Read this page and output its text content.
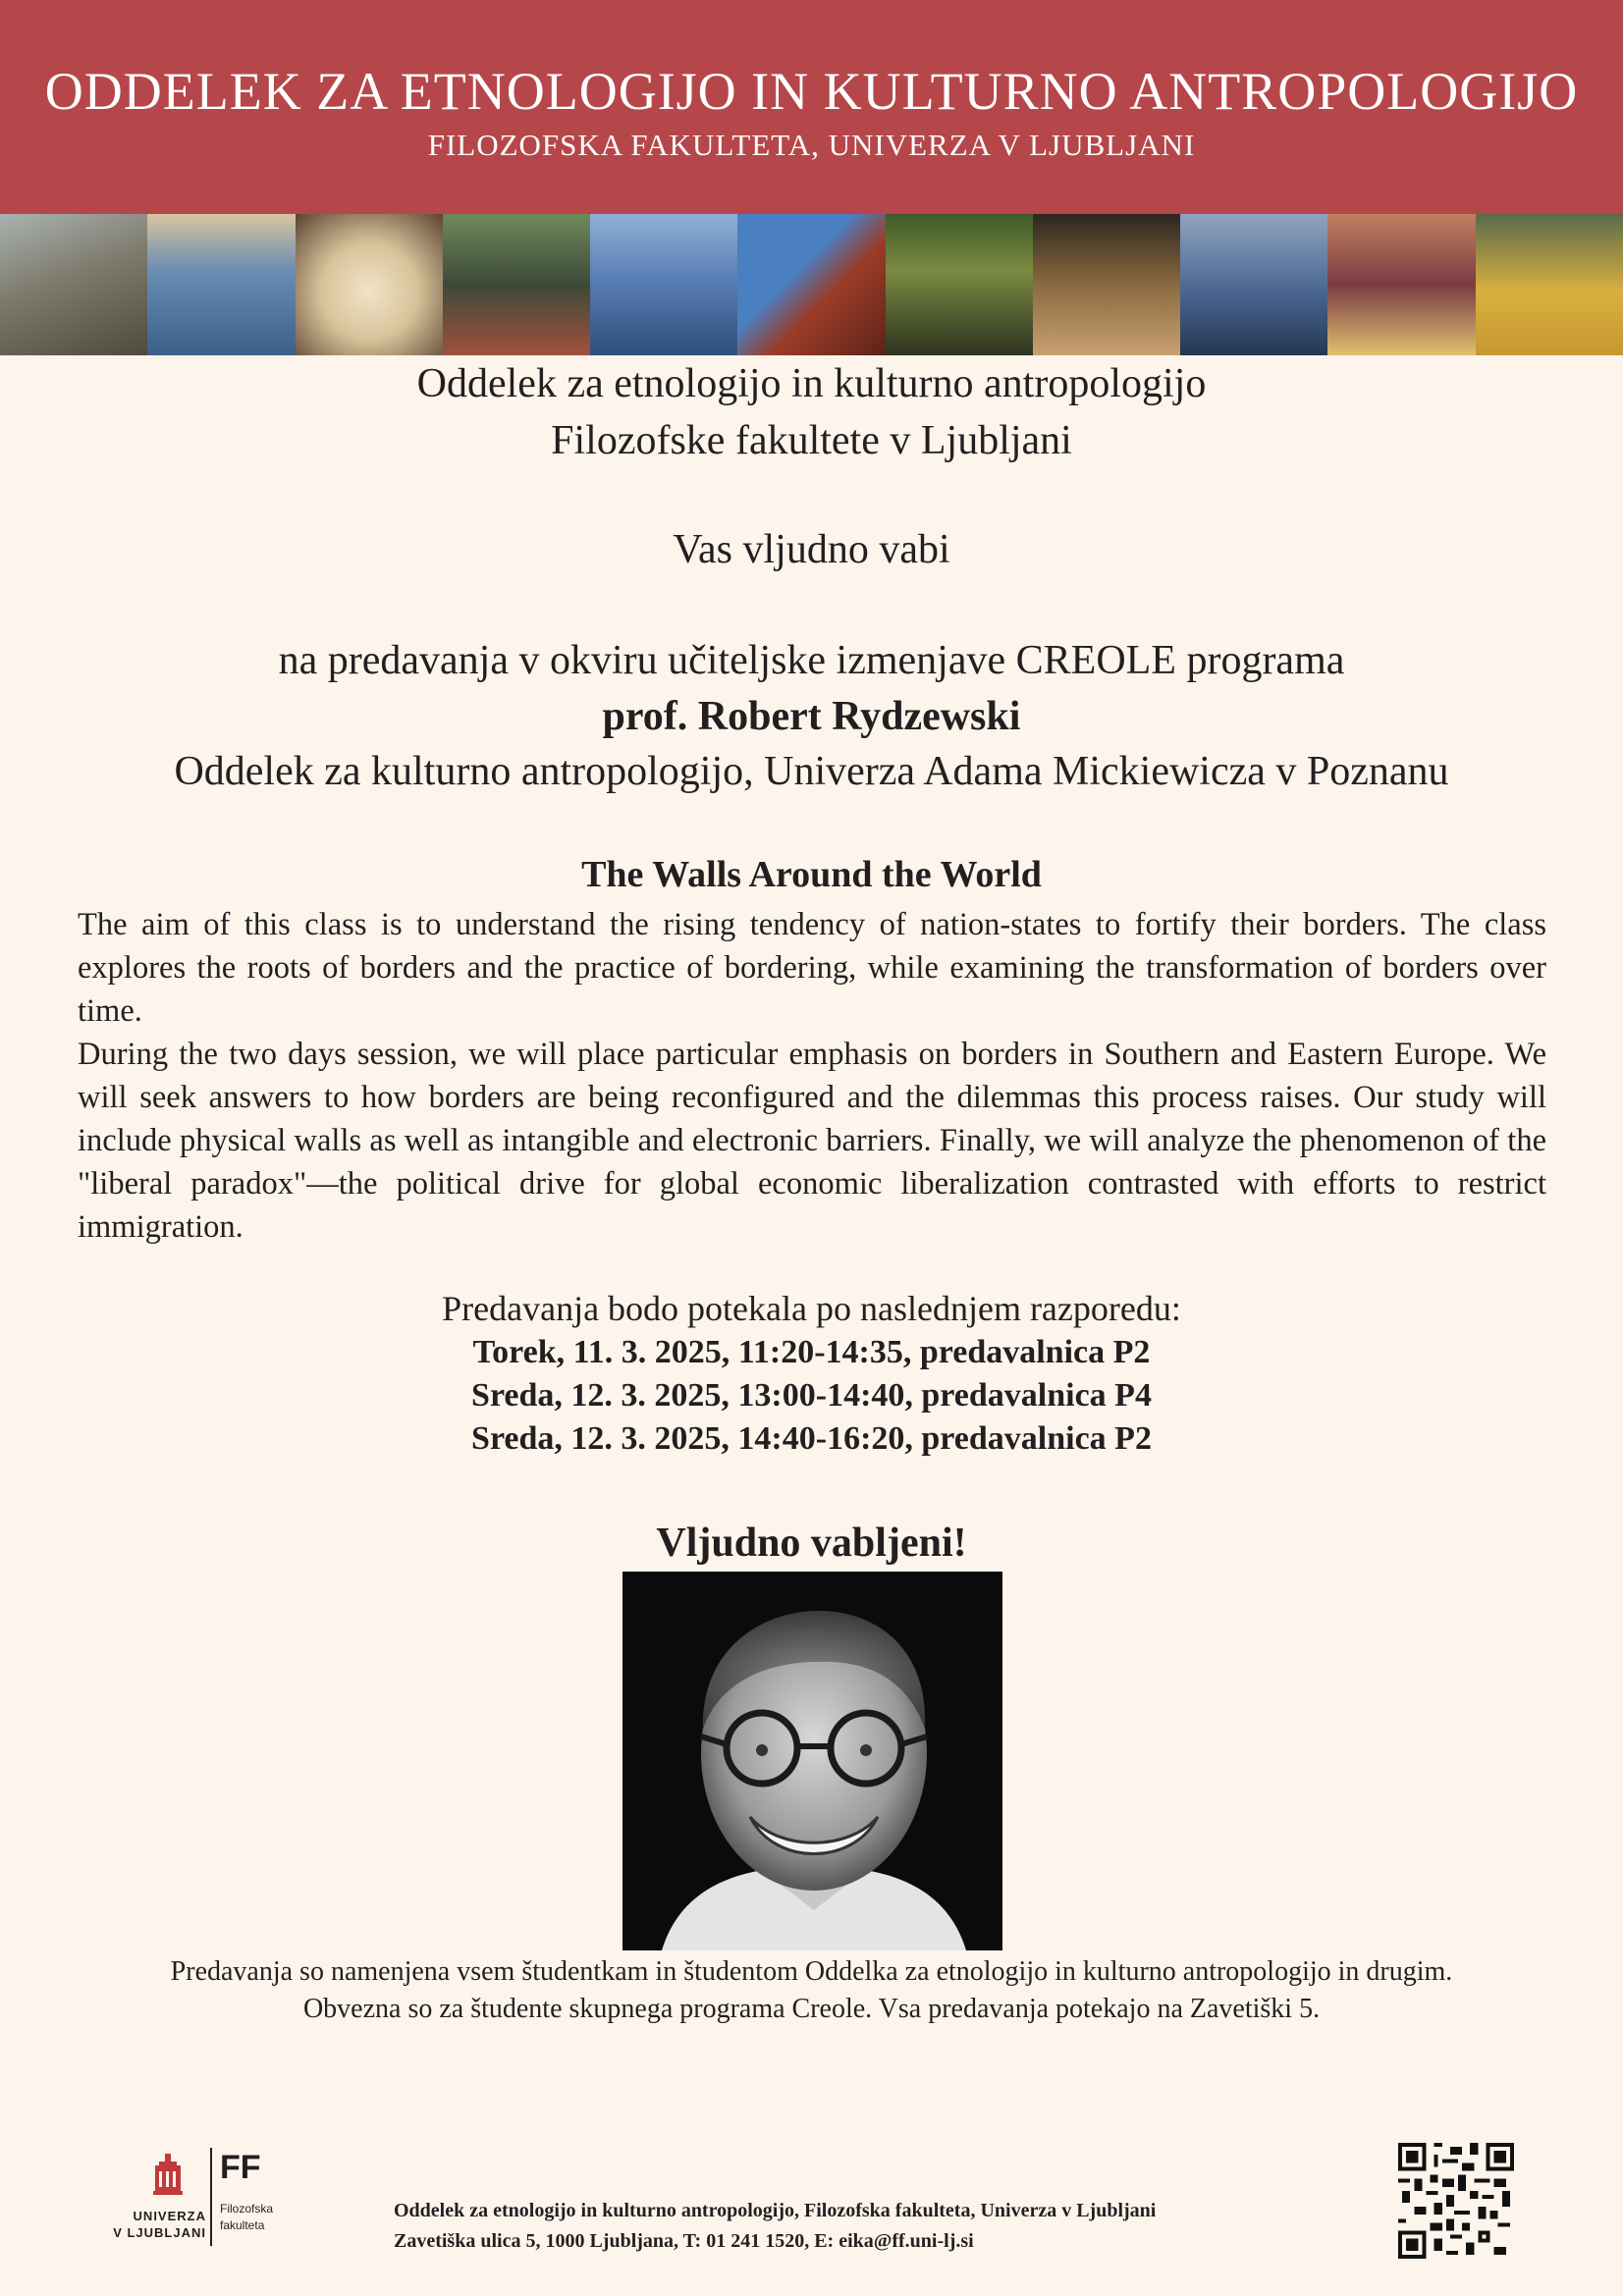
ODDELEK ZA ETNOLOGIJO IN KULTURNO ANTROPOLOGIJO
FILOZOFSKA FAKULTETA, UNIVERZA V LJUBLJANI
Oddelek za etnologijo in kulturno antropologijo
Filozofske fakultete v Ljubljani
Vas vljudno vabi
na predavanja v okviru učiteljske izmenjave CREOLE programa
prof. Robert Rydzewski
Oddelek za kulturno antropologijo, Univerza Adama Mickiewicza v Poznanu
The Walls Around the World

The aim of this class is to understand the rising tendency of nation-states to fortify their borders. The class explores the roots of borders and the practice of bordering, while examining the transformation of borders over time.

During the two days session, we will place particular emphasis on borders in Southern and Eastern Europe. We will seek answers to how borders are being reconfigured and the dilemmas this process raises. Our study will include physical walls as well as intangible and electronic barriers. Finally, we will analyze the phenomenon of the "liberal paradox"—the political drive for global economic liberalization contrasted with efforts to restrict immigration.

Predavanja bodo potekala po naslednjem razporedu:
Torek, 11. 3. 2025, 11:20-14:35, predavalnica P2
Sreda, 12. 3. 2025, 13:00-14:40, predavalnica P4
Sreda, 12. 3. 2025, 14:40-16:20, predavalnica P2
Vljudno vabljeni!
Predavanja so namenjena vsem študentkam in študentom Oddelka za etnologijo in kulturno antropologijo in drugim.
Obvezna so za študente skupnega programa Creole. Vsa predavanja potekajo na Zavetiški 5.
UNIVERZA
V LJUBLJANI
FF
Filozofska
fakulteta
Oddelek za etnologijo in kulturno antropologijo, Filozofska fakulteta, Univerza v Ljubljani
Zavetiška ulica 5, 1000 Ljubljana, T: 01 241 1520, E: eika@ff.uni-lj.si
